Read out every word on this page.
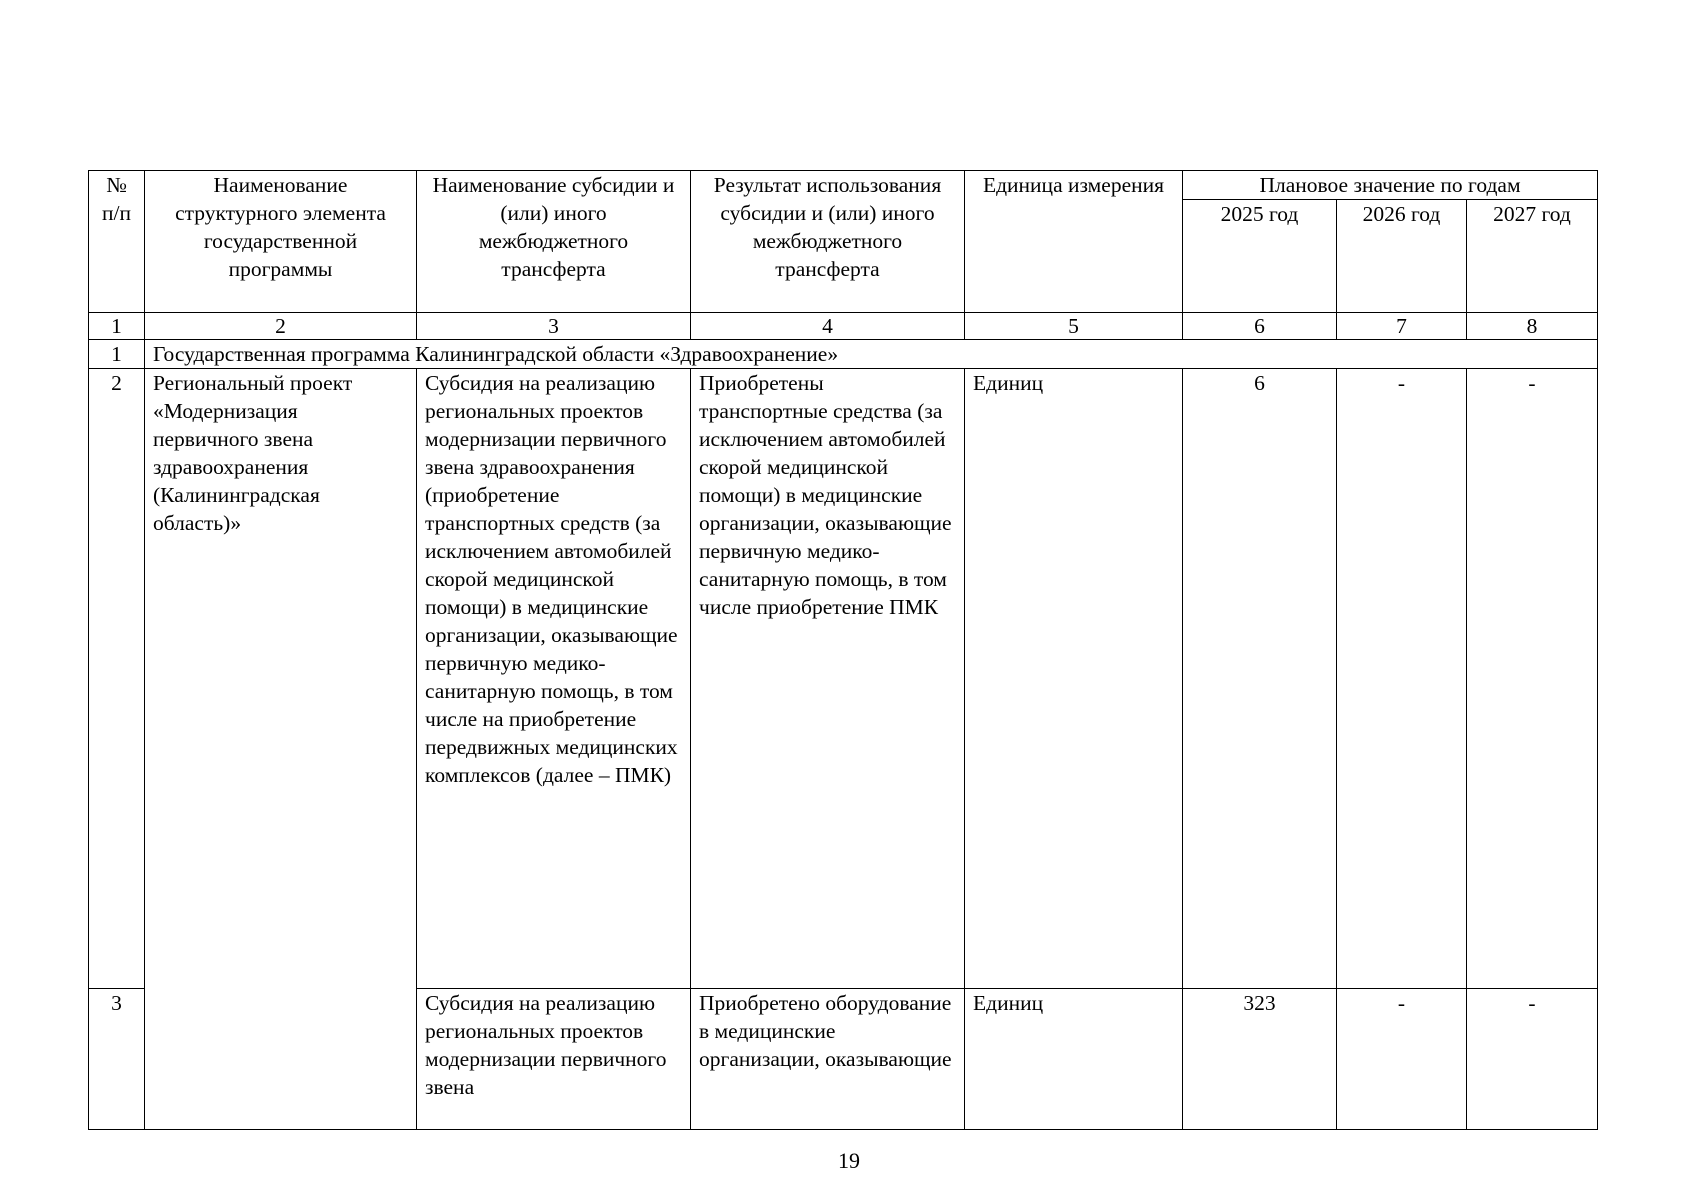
№ п/п	Наименование структурного элемента государственной программы	Наименование субсидии и (или) иного межбюджетного трансферта	Результат использования субсидии и (или) иного межбюджетного трансферта	Единица измерения	Плановое значение по годам		
					2025 год	2026 год	2027 год
1	2	3	4	5	6	7	8
1	Государственная программа Калининградской области «Здравоохранение»						
2	Региональный проект «Модернизация первичного звена здравоохранения (Калининградская область)»	Субсидия на реализацию региональных проектов модернизации первичного звена здравоохранения (приобретение транспортных средств (за исключением автомобилей скорой медицинской помощи) в медицинские организации, оказывающие первичную медико-санитарную помощь, в том числе на приобретение передвижных медицинских комплексов (далее – ПМК)	Приобретены транспортные средства (за исключением автомобилей скорой медицинской помощи) в медицинские организации, оказывающие первичную медико-санитарную помощь, в том числе приобретение ПМК	Единиц	6	-	-
3		Субсидия на реализацию региональных проектов модернизации первичного звена	Приобретено оборудование в медицинские организации, оказывающие	Единиц	323	-	-
19
